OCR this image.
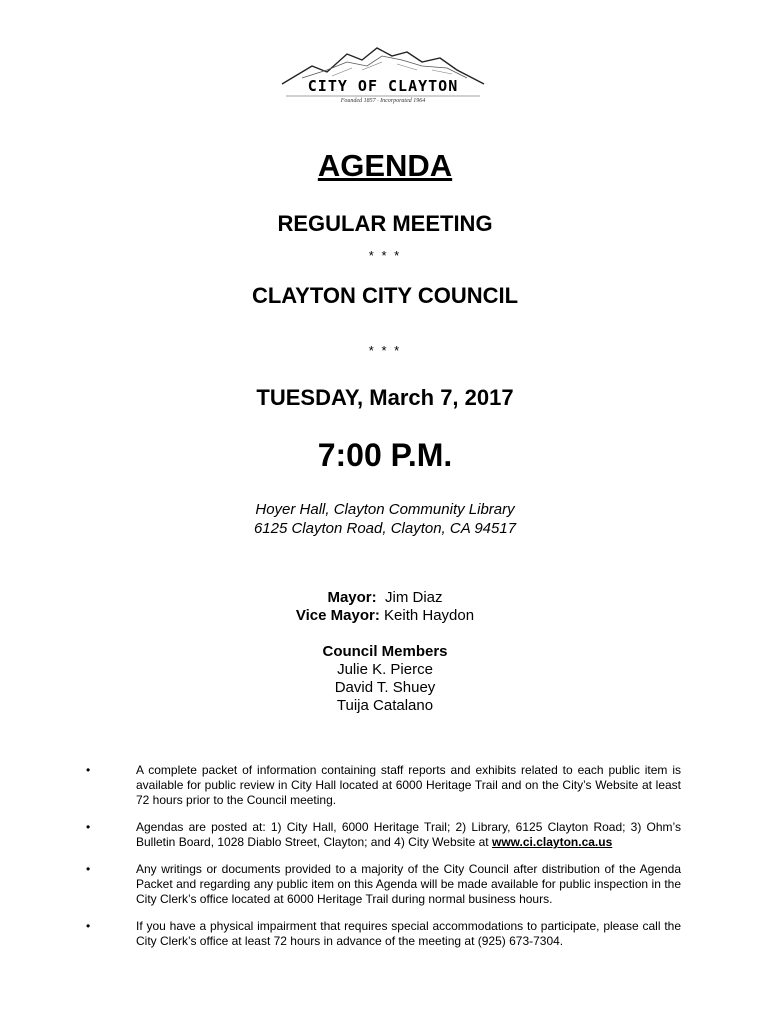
CITY OF CLAYTON
Founded 1857 · Incorporated 1964
AGENDA
REGULAR MEETING
* * *
CLAYTON CITY COUNCIL
* * *
TUESDAY, March 7, 2017
7:00 P.M.
Hoyer Hall, Clayton Community Library
6125 Clayton Road, Clayton, CA 94517
Mayor: Jim Diaz
Vice Mayor: Keith Haydon
Council Members
Julie K. Pierce
David T. Shuey
Tuija Catalano
•	A complete packet of information containing staff reports and exhibits related to each public item is available for public review in City Hall located at 6000 Heritage Trail and on the City’s Website at least 72 hours prior to the Council meeting.
•	Agendas are posted at: 1) City Hall, 6000 Heritage Trail; 2) Library, 6125 Clayton Road; 3) Ohm’s Bulletin Board, 1028 Diablo Street, Clayton; and 4) City Website at www.ci.clayton.ca.us
•	Any writings or documents provided to a majority of the City Council after distribution of the Agenda Packet and regarding any public item on this Agenda will be made available for public inspection in the City Clerk’s office located at 6000 Heritage Trail during normal business hours.
•	If you have a physical impairment that requires special accommodations to participate, please call the City Clerk’s office at least 72 hours in advance of the meeting at (925) 673-7304.
